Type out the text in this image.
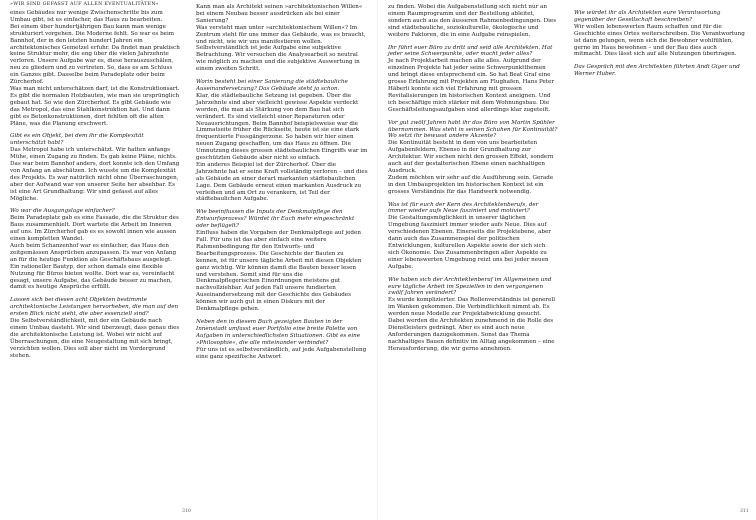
»WIR SIND GEFASST AUF ALLEN EVENTUALITÄTEN«

eines Gebäudes nur wenige Zwischenschritte bis zum Umbau gibt, ist es einfacher, das Haus zu bearbeiten.

Bei einem über hundertjährigen Bau kann man wenige strukturiert vorgehen. Die Moderne fehlt. So war es beim Bannhof, der in den letzten hundert Jahren ein architektonisches Gemetzel erfuhr. Da findet man praktisch keine Struktur mehr, die eng über die vielen Jahrzehnte verloren. Unsere Aufgabe war es, diese herauszuschälen, neu zu gliedern und zu vertreten. So, dass es am Schluss ein Ganzes gibt. Dasselbe beim Paradeplatz oder beim Zürcherhof.

Was man nicht unterschätzen darf, ist die Konstruktionsart. Es gibt die normalen Holzbauten, wie man sie ursprünglich gebaut hat. So wie den Zürcherhof. Es gibt Gebäude wie das Metropol, das eine Stahlkonstruktion hat. Und dann gibt es Betonkonstruktionen, dort fehlten oft die alten Pläne, was die Planung erschwert.

Gibt es ein Objekt, bei dem ihr die Komplexität unterschätzt habt?

Das Metropol habe ich unterschätzt. Wir hatten anfangs Mühe, einen Zugang zu finden. Es gab keine Pläne, nichts. Das war beim Bannhof anders, dort konnte ich den Umfang von Anfang an abschätzen. Ich wusste um die Komplexität des Projekts. Es war natürlich nicht ohne Überraschungen, aber der Aufwand war von unserer Seite her absehbar. Es ist eine Art Grundhaltung: Wir sind gefasst auf alles Mögliche.

Wo war die Ausgangslage einfacher?

Beim Paradeplatz gab es eine Fassade, die die Struktur des Baus zusammenhielt. Dort wartete die Arbeit im Inneren auf uns. Im Zürcherhof gab es es sowohl innen wie aussen einen kompletten Wandel.

Auch beim Schanzenhof war es einfacher, das Haus den zeitgemässen Ansprüchen anzupassen. Es war von Anfang an für die heutige Funktion als Geschäftshaus ausgelegt. Ein rationeller Bautyp, der schon damals eine flexible Nutzung für Büros bieten wollte. Dort war es, vereinfacht gesagt, unsere Aufgabe, das Gebäude besser zu machen, damit es heutige Ansprüche erfüllt.

Lassen sich bei diesen acht Objekten bestimmte architektonische Leistungen hervorheben, die man auf den ersten Blick nicht sieht, die aber essenziell sind?

Die Selbstverständlichkeit, mit der ein Gebäude nach einem Umbau dasteht. Wir sind überzeugt, dass genau dies die architektonische Leistung ist. Wobei wir nicht auf Überraschungen, die eine Neugestaltung mit sich bringt, verzichten wollen. Dies soll aber nicht im Vordergrund stehen.

Kann man als Architekt seinen »architektonischen Willen« bei einem Neubau besser ausdrücken als bei einer Sanierung?

Was versteht man unter »architektonischem Willen«? Im Zentrum steht für uns immer das Gebäude, was es braucht, und nicht, wie wir uns manifestieren wollen. Selbstverständlich ist jede Aufgabe eine subjektive Betrachtung. Wir versuchen die Analysearbeit so neutral wie möglich zu machen und die subjektive Auswertung in einem zweiten Schritt.

Worin besteht bei einer Sanierung die städtebauliche Auseinandersetzung? Das Gebäude steht ja schon.

Klar, die städtebauliche Setzung ist gegeben. Über die Jahrzehnte sind aber vielleicht gewisse Aspekte verdeckt worden, die man als Stärkung von dem Bau hat sich verändert. Es sind vielleicht einer Reparaturen oder Neuausrichtungen. Beim Bannhof beispielsweise war die Limmatseite früher die Rückseite, heute ist sie eine stark frequentierte Fussgängerzone. So haben wir hier einen neuen Zugang geschaffen, um das Haus zu öffnen. Die Umnutzung dieses grossen städtebaulichen Eingriffs war im geschützten Gebäude aber nicht so einfach.

Ein anderes Beispiel ist der Zürcherhof. Über die Jahrzehnte hat er seine Kraft vollständig verloren – und dies als Gebäude an einer derart markanten städtebaulichen Lage. Dem Gebäude erneut einen markanten Ausdruck zu verleihen und am Ort zu verankern, ist Teil der städtebaulichen Aufgabe.

Wie beeinflussen die Inputs der Denkmalpflege den Entwurfsprozess? Würdet ihr Euch mehr eingeschränkt oder beflügelt?

Einfluss haben die Vorgaben der Denkmalpflege auf jeden Fall. Für uns ist das aber einfach eine weitere Rahmenbedingung für den Entwurfs- und Bearbeitungsprozess. Die Geschichte der Bauten zu kennen, ist für unsere tägliche Arbeit mit diesen Objekten ganz wichtig. Wir können damit die Bauten besser lesen und verstehen. Somit sind für uns die Denkmalpflegerischen Einordnungen meistens gut nachvollziehbar. Auf jeden Fall unsere fundierten Auseinandersetzung mit der Geschichte des Gebäudes können wir auch gut in einen Diskurs mit der Denkmalpflege gehen.

Neben den in diesem Buch gezeigten Bauten in der Innenstadt umfasst euer Portfolio eine breite Palette von Aufgaben in unterschiedlichsten Situationen. Gibt es eine »Philosophie«, die alle miteinander verbindet?

Für uns ist es selbstverständlich, auf jede Aufgabenstellung eine ganz spezifische Antwort

310

zu finden. Wobei die Aufgabenstellung sich nicht nur an einem Raumprogramm und der Bestellung ableitet, sondern auch aus den äusseren Rahmenbedingungen. Dies sind städtebauliche, soziokulturelle, ökologische und weitere Faktoren, die in eine Aufgabe reinspielen.

Ihr führt euer Büro zu dritt und seid alle Architekten. Hat jeder seine Schwerpunkte, oder macht jeder alles?

Je nach Projektarbeit machen alle alles. Aufgrund der einzelnen Projekte hat jeder seine Schwerpunktthemen und bringt diese entsprechend ein. So hat Beat Graf eine grosse Erfahrung mit Projekten am Flughafen, Hans Peter Häberli konnte sich viel Erfahrung mit grossen Revitalisierungen im historischen Kontext aneignen. Und ich beschäftige mich stärker mit dem Wohnungsbau. Die Geschäftsleitungsaufgaben sind allerdings klar zugeteilt.

Vor gut zwölf Jahren habt ihr das Büro von Martin Spühler übernommen. Was steht in seinen Schuhen für Kontinuität? Wo setzt ihr bewusst andere Akzente?

Die Kontinuität besteht in dem von uns bearbeiteten Aufgabenfeldern, Ebenso in der Grundhaltung zur Architektur. Wir suchen nicht den grossen Effekt, sondern auch auf der gestalterischen Ebene einen nachhaltigen Ausdruck.

Zudem möchten wir sehr auf die Ausführung sein. Gerade in den Umbauprojekten im historischen Kontext ist ein grosses Verständnis für das Handwerk notwendig.

Was ist für euch der Kern des Architektenberufs, der immer wieder aufs Neue fasziniert und motiviert?

Die Gestaltungsmöglichkeit in unserer täglichen Umgebung fasziniert immer wieder aufs Neue. Dies auf verschiedenen Ebenen. Einerseits die Projektebene, aber dann auch das Zusammenspiel der politischen Entwicklungen, kulturellen Aspekte sowie der sich sich sich Ökonomie. Das Zusammenbringen aller Aspekte zu einer lebenswerten Umgebung reizt uns bei jeder neuen Aufgabe.

Wie haben sich der Architektenberuf im Allgemeinen und eure tägliche Arbeit im Speziellen in den vergangenen zwölf Jahren verändert?

Es wurde komplizierter. Das Rollenverständnis ist generell im Wanken gekommen. Die Verbindlichkeit nimmt ab. Es werden neue Modelle zur Projektabwicklung gesucht. Dabei werden die Architekten zunehmend in die Rolle des Dienstleisters gedrängt. Aber es sind auch neue Anforderungen dazugekommen. Sonst das Thema nachhaltiges Bauen definitiv im Alltag angekommen – eine Herausforderung, die wir gerne annehmen.

Wie würdet ihr als Architekten eure Verantwortung gegenüber der Gesellschaft beschreiben?

Wir wollen lebenswerten Raum schaffen und für die Geschichte eines Ortes weiterschreiben. Die Verantwortung ist dann gelungen, wenn sich die Bewohner wohlfühlen, gerne im Haus bewohnen – und der Bau dies auch mitmacht. Dies lässt sich auf alle Nutzungen übertragen.

Das Gespräch mit den Architekten führten Andi Giger und Werner Huber.

311
